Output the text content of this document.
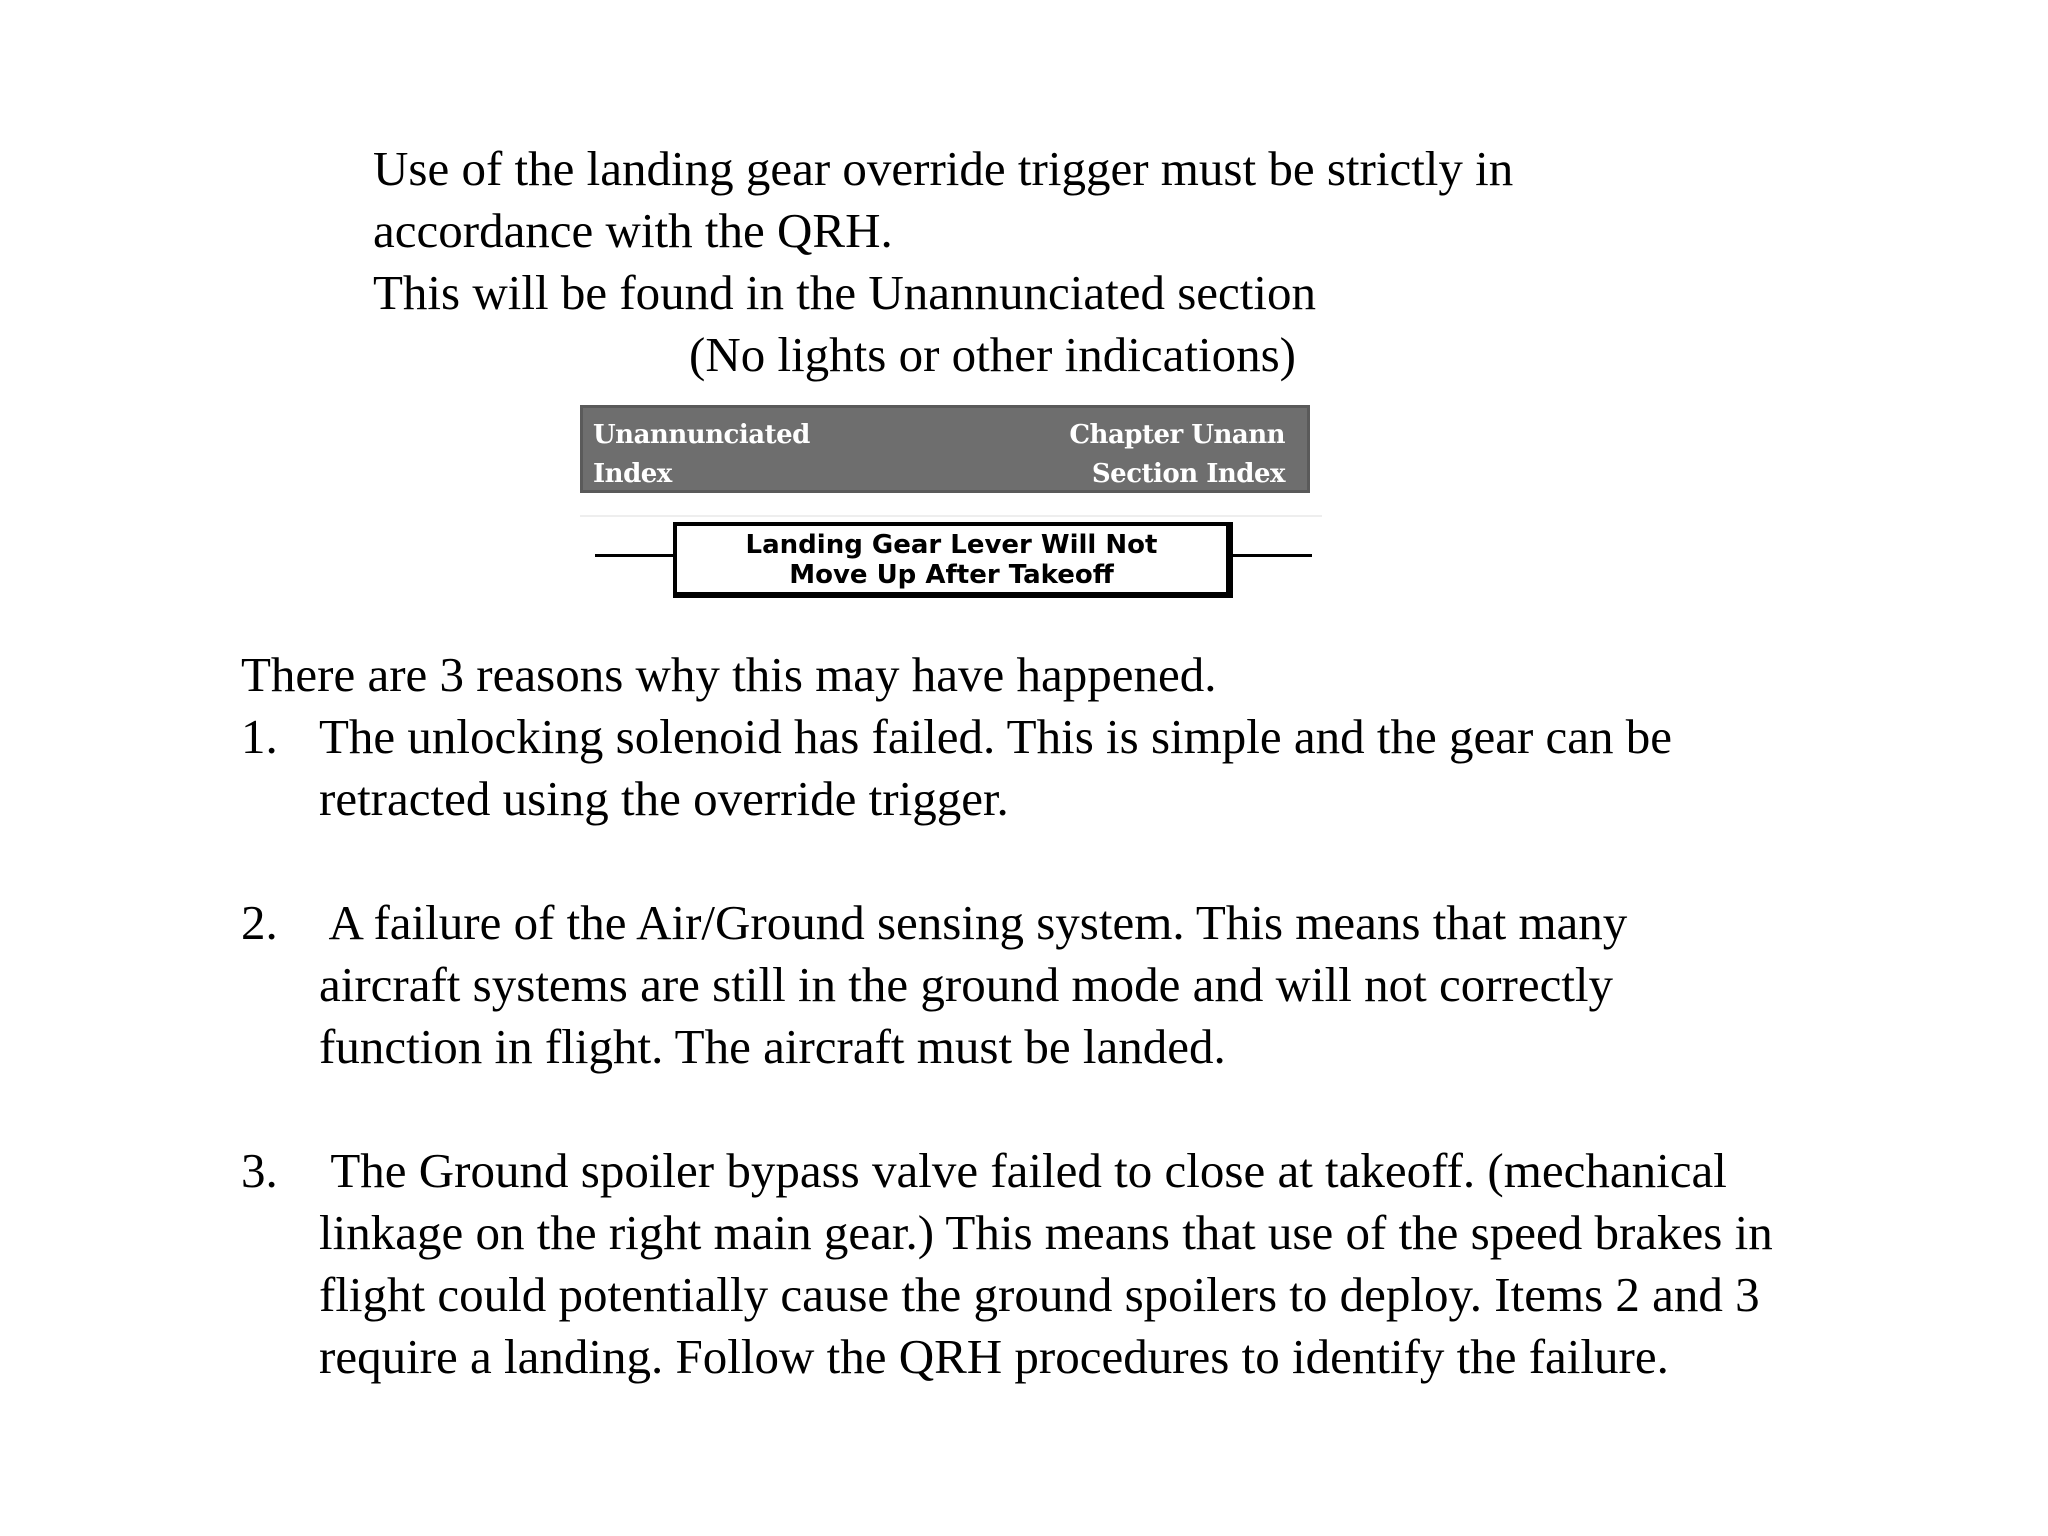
Use of the landing gear override trigger must be strictly in
accordance with the QRH.
This will be found in the Unannunciated section
(No lights or other indications)
Unannunciated
Index
Chapter Unann
Section Index
Landing Gear Lever Will Not
Move Up After Takeoff
There are 3 reasons why this may have happened.
1. The unlocking solenoid has failed. This is simple and the gear can be
retracted using the override trigger.
2. A failure of the Air/Ground sensing system. This means that many
aircraft systems are still in the ground mode and will not correctly
function in flight. The aircraft must be landed.
3. The Ground spoiler bypass valve failed to close at takeoff. (mechanical
linkage on the right main gear.) This means that use of the speed brakes in
flight could potentially cause the ground spoilers to deploy. Items 2 and 3
require a landing. Follow the QRH procedures to identify the failure.
